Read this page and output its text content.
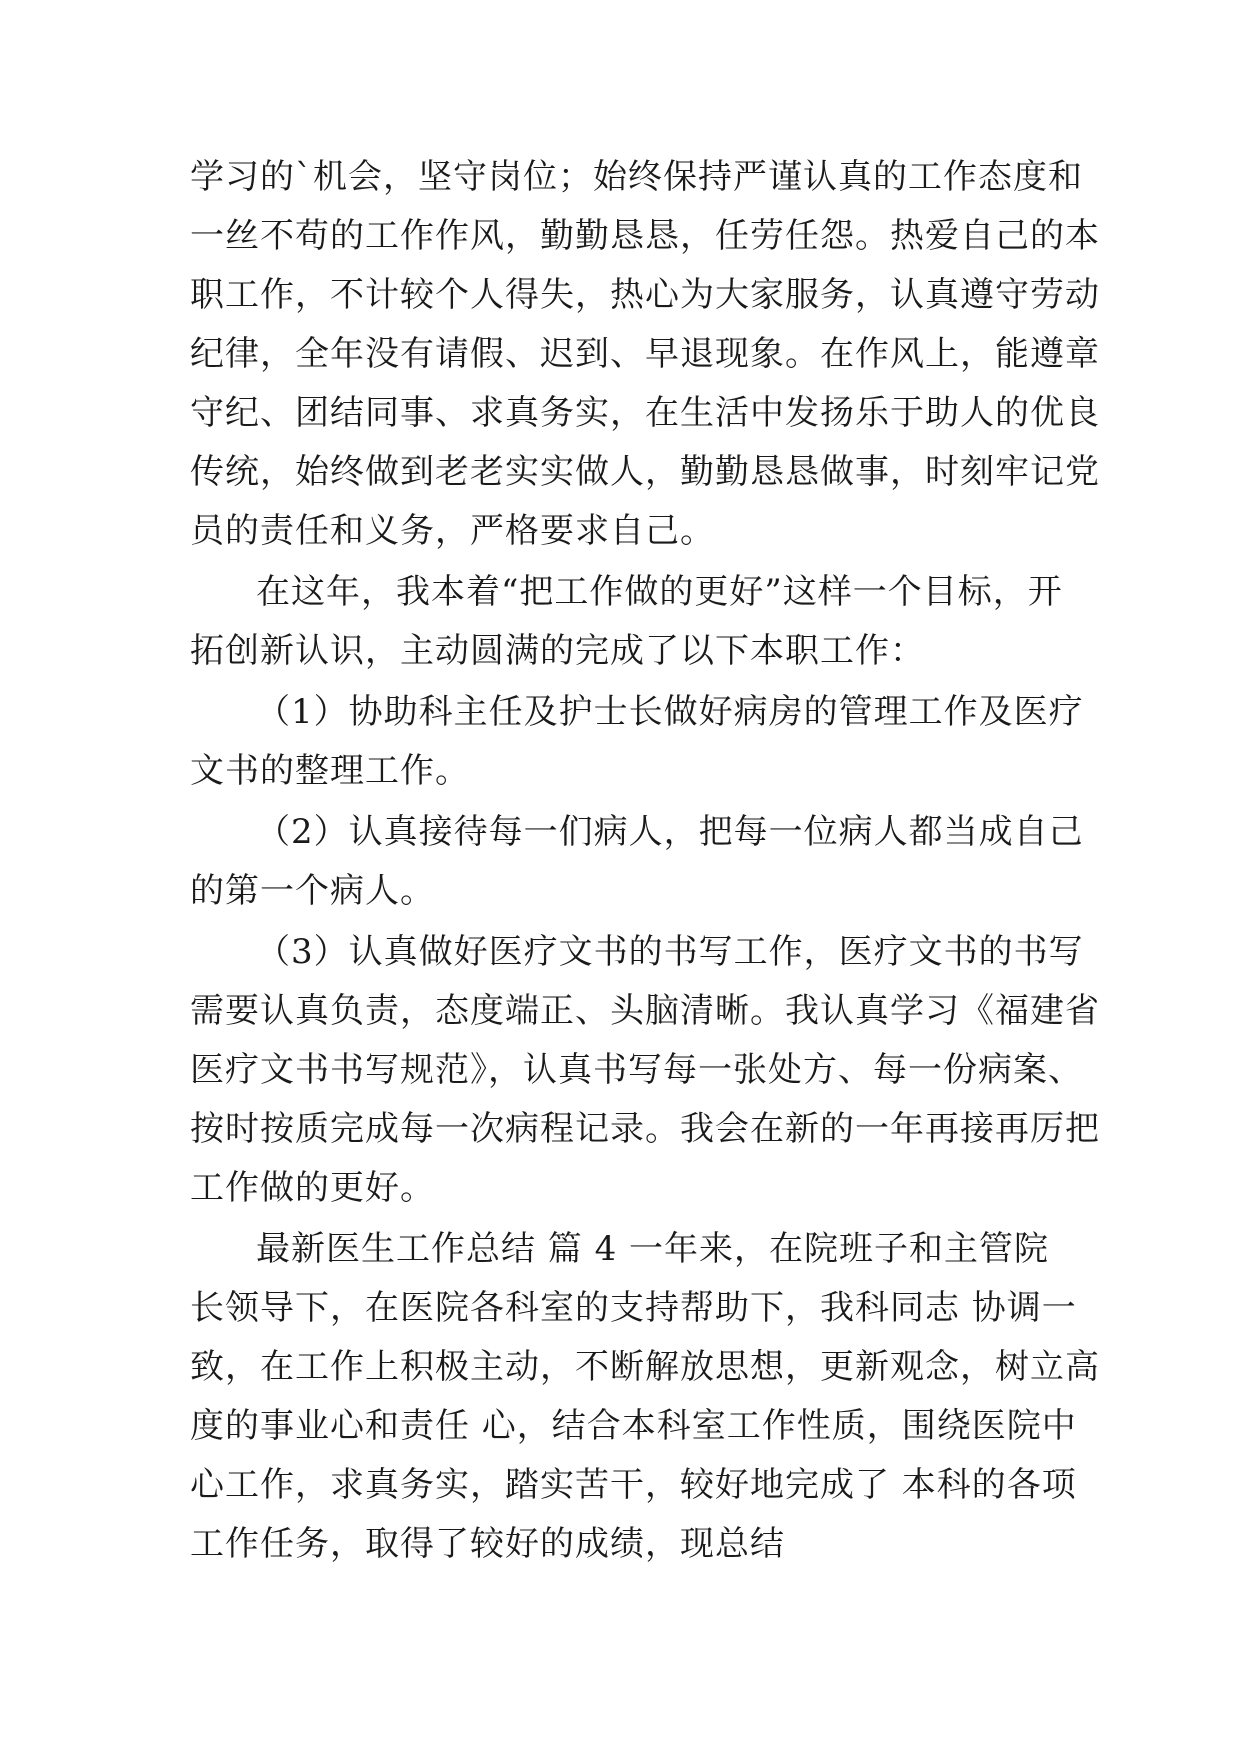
学习的`机会，坚守岗位；始终保持严谨认真的工作态度和
一丝不苟的工作作风，勤勤恳恳，任劳任怨。热爱自己的本
职工作，不计较个人得失，热心为大家服务，认真遵守劳动
纪律，全年没有请假、迟到、早退现象。在作风上，能遵章
守纪、团结同事、求真务实，在生活中发扬乐于助人的优良
传统，始终做到老老实实做人，勤勤恳恳做事，时刻牢记党
员的责任和义务，严格要求自己。
在这年，我本着“把工作做的更好”这样一个目标，开
拓创新认识，主动圆满的完成了以下本职工作：
（1）协助科主任及护士长做好病房的管理工作及医疗
文书的整理工作。
（2）认真接待每一们病人，把每一位病人都当成自己
的第一个病人。
（3）认真做好医疗文书的书写工作，医疗文书的书写
需要认真负责，态度端正、头脑清晰。我认真学习《福建省
医疗文书书写规范》，认真书写每一张处方、每一份病案、
按时按质完成每一次病程记录。我会在新的一年再接再厉把
工作做的更好。
最新医生工作总结 篇 4 一年来，在院班子和主管院
长领导下，在医院各科室的支持帮助下，我科同志 协调一
致，在工作上积极主动，不断解放思想，更新观念，树立高
度的事业心和责任 心，结合本科室工作性质，围绕医院中
心工作，求真务实，踏实苦干，较好地完成了 本科的各项
工作任务，取得了较好的成绩，现总结
